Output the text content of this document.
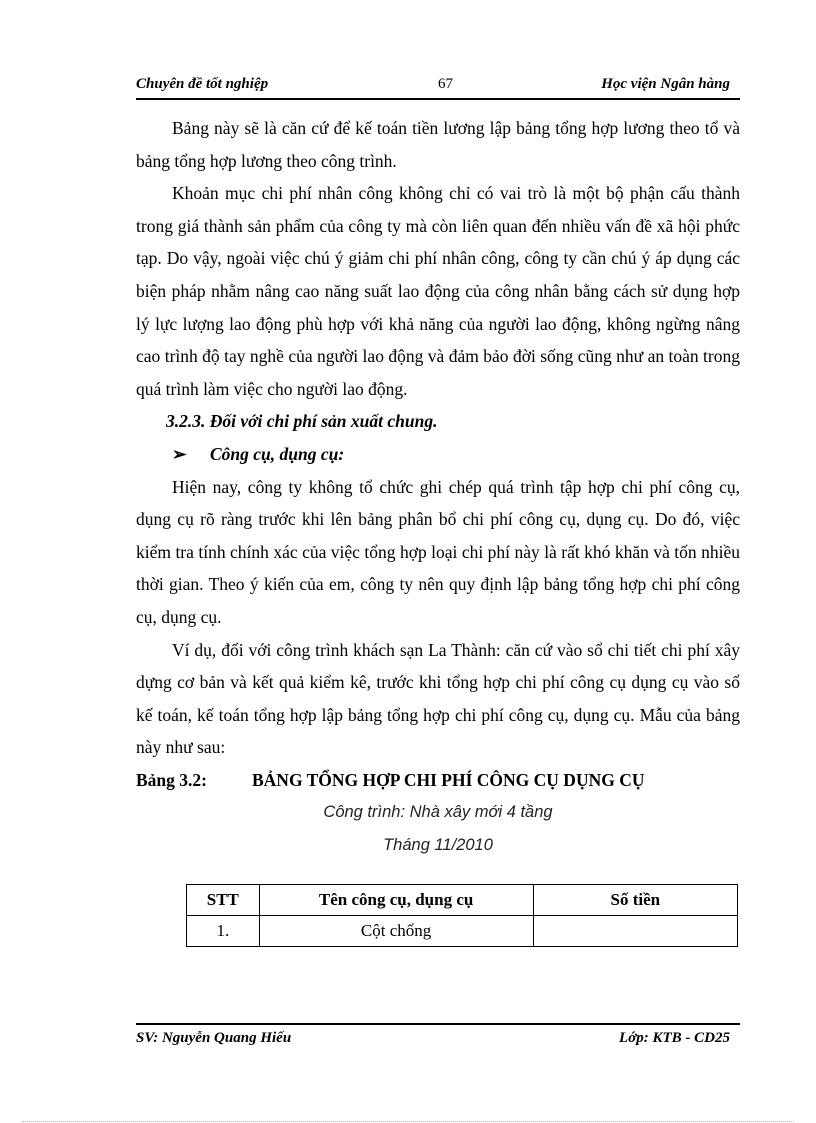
Chuyên đề tốt nghiệp	67	Học viện Ngân hàng

Bảng này sẽ là căn cứ để kế toán tiền lương lập bảng tổng hợp lương theo tổ và bảng tổng hợp lương theo công trình.

Khoản mục chi phí nhân công không chỉ có vai trò là một bộ phận cấu thành trong giá thành sản phẩm của công ty mà còn liên quan đến nhiều vấn đề xã hội phức tạp. Do vậy, ngoài việc chú ý giảm chi phí nhân công, công ty cần chú ý áp dụng các biện pháp nhằm nâng cao năng suất lao động của công nhân bằng cách sử dụng hợp lý lực lượng lao động phù hợp với khả năng của người lao động, không ngừng nâng cao trình độ tay nghề của người lao động và đảm bảo đời sống cũng như an toàn trong quá trình làm việc cho người lao động.

3.2.3. Đối với chi phí sản xuất chung.

➢ Công cụ, dụng cụ:

Hiện nay, công ty không tổ chức ghi chép quá trình tập hợp chi phí công cụ, dụng cụ rõ ràng trước khi lên bảng phân bổ chi phí công cụ, dụng cụ. Do đó, việc kiểm tra tính chính xác của việc tổng hợp loại chi phí này là rất khó khăn và tốn nhiều thời gian. Theo ý kiến của em, công ty nên quy định lập bảng tổng hợp chi phí công cụ, dụng cụ.

Ví dụ, đối với công trình khách sạn La Thành: căn cứ vào sổ chi tiết chi phí xây dựng cơ bản và kết quả kiểm kê, trước khi tổng hợp chi phí công cụ dụng cụ vào sổ kế toán, kế toán tổng hợp lập bảng tổng hợp chi phí công cụ, dụng cụ. Mẫu của bảng này như sau:

Bảng 3.2:	BẢNG TỔNG HỢP CHI PHÍ CÔNG CỤ DỤNG CỤ

Công trình: Nhà xây mới 4 tầng

Tháng 11/2010

STT	Tên công cụ, dụng cụ	Số tiền
1.	Cột chống	
SV: Nguyễn Quang Hiếu	Lớp: KTB - CD25
